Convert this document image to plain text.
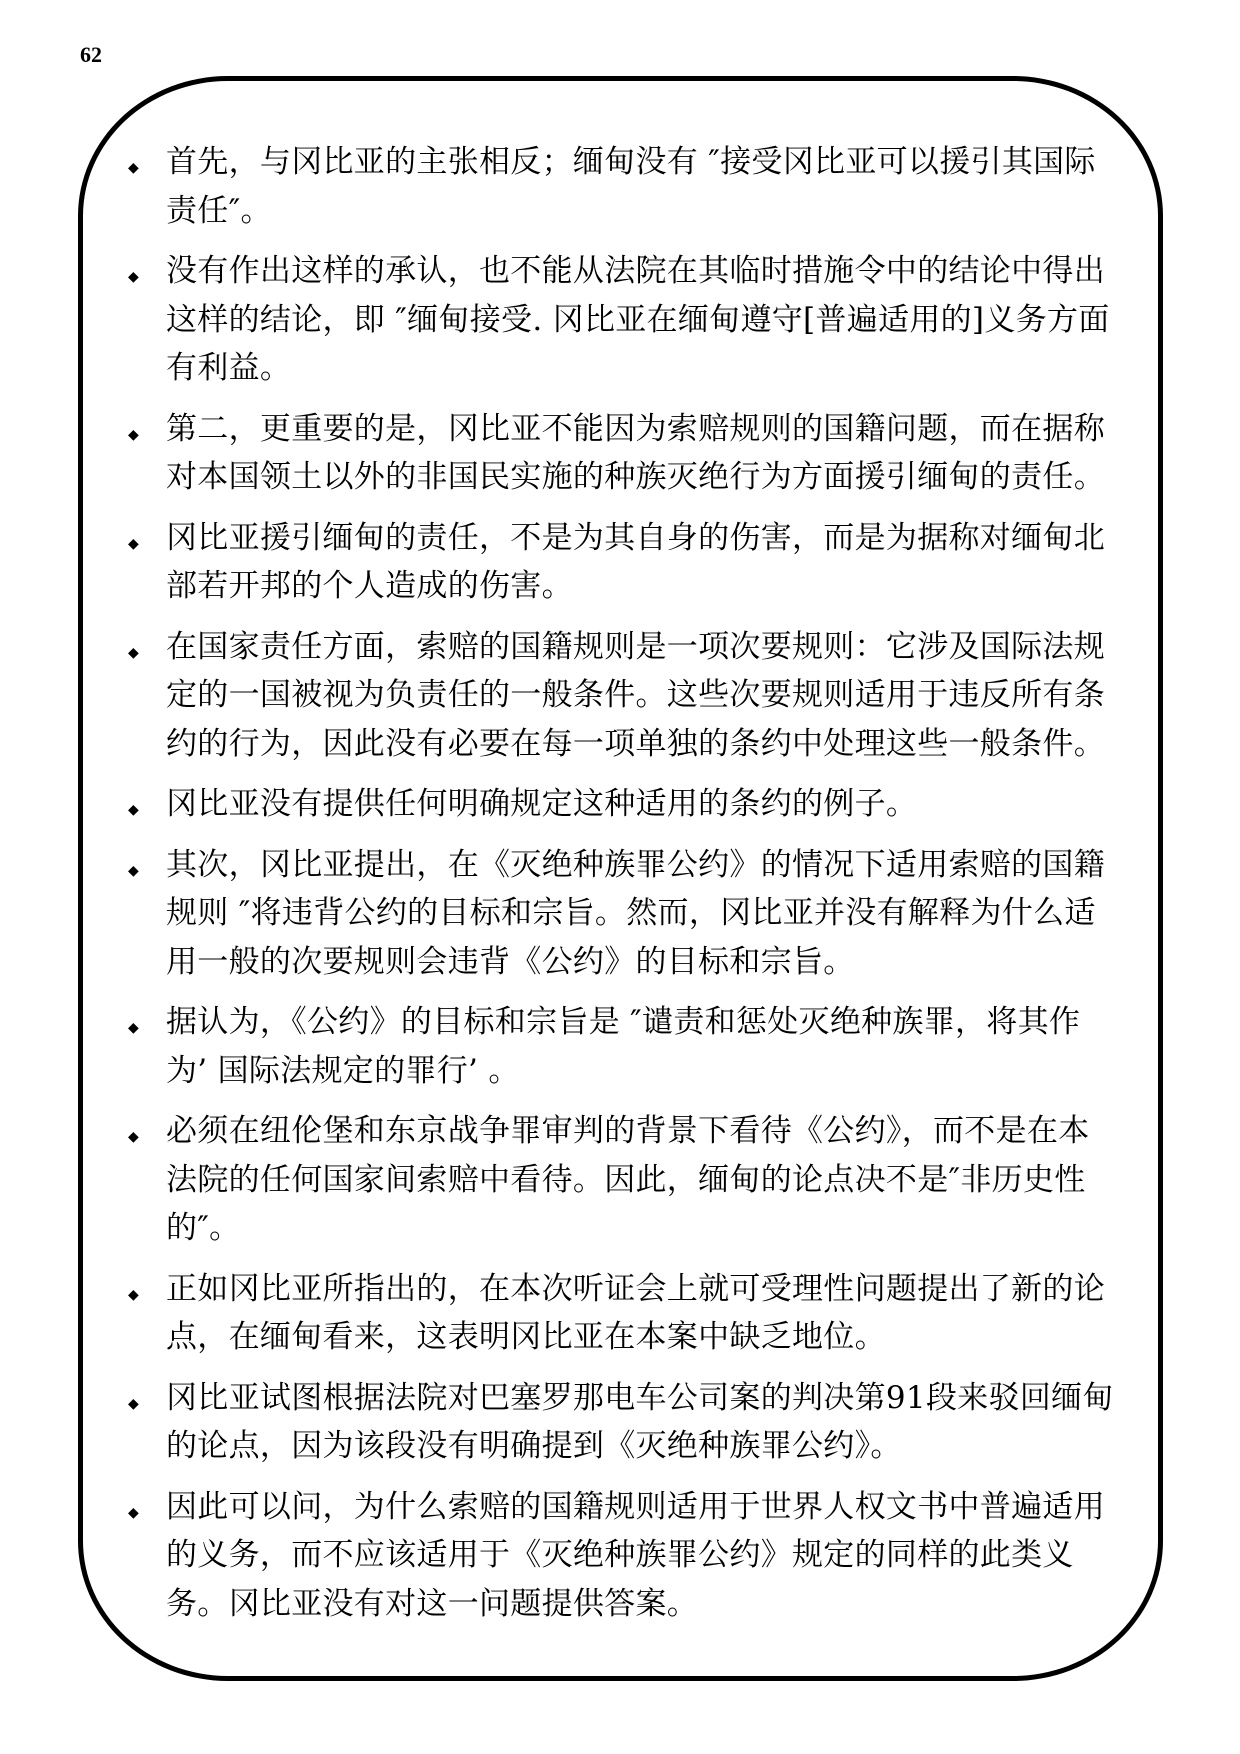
62
◆ 首先，与冈比亚的主张相反；缅甸没有 ″接受冈比亚可以援引其国际责任″。
◆ 没有作出这样的承认，也不能从法院在其临时措施令中的结论中得出这样的结论，即 ″缅甸接受. 冈比亚在缅甸遵守[普遍适用的]义务方面有利益。
◆ 第二，更重要的是，冈比亚不能因为索赔规则的国籍问题，而在据称对本国领土以外的非国民实施的种族灭绝行为方面援引缅甸的责任。
◆ 冈比亚援引缅甸的责任，不是为其自身的伤害，而是为据称对缅甸北部若开邦的个人造成的伤害。
◆ 在国家责任方面，索赔的国籍规则是一项次要规则：它涉及国际法规定的一国被视为负责任的一般条件。这些次要规则适用于违反所有条约的行为，因此没有必要在每一项单独的条约中处理这些一般条件。
◆ 冈比亚没有提供任何明确规定这种适用的条约的例子。
◆ 其次，冈比亚提出，在《灭绝种族罪公约》的情况下适用索赔的国籍规则 ″将违背公约的目标和宗旨。然而，冈比亚并没有解释为什么适用一般的次要规则会违背《公约》的目标和宗旨。
◆ 据认为，《公约》的目标和宗旨是 ″谴责和惩处灭绝种族罪，将其作为’ 国际法规定的罪行’ 。
◆ 必须在纽伦堡和东京战争罪审判的背景下看待《公约》，而不是在本法院的任何国家间索赔中看待。因此，缅甸的论点决不是″非历史性的″。
◆ 正如冈比亚所指出的，在本次听证会上就可受理性问题提出了新的论点，在缅甸看来，这表明冈比亚在本案中缺乏地位。
◆ 冈比亚试图根据法院对巴塞罗那电车公司案的判决第91段来驳回缅甸的论点，因为该段没有明确提到《灭绝种族罪公约》。
◆ 因此可以问，为什么索赔的国籍规则适用于世界人权文书中普遍适用的义务，而不应该适用于《灭绝种族罪公约》规定的同样的此类义务。冈比亚没有对这一问题提供答案。
